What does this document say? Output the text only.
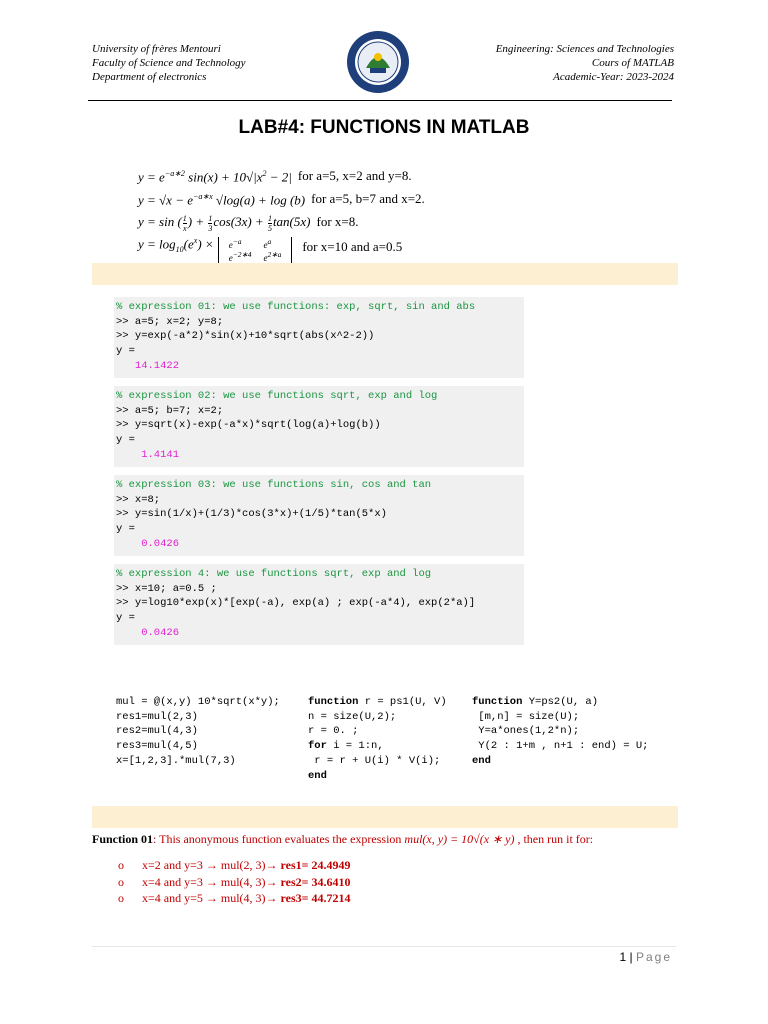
University of frères Mentouri
Faculty of Science and Technology
Department of electronics
Engineering: Sciences and Technologies
Cours of MATLAB
Academic-Year: 2023-2024
LAB#4: FUNCTIONS IN MATLAB
$y = e^{-a∗2}$ $\sin(x) + 10√|x^2 - 2|$ for a=5, x=2 and y=8.
$y = √x - e^{-a∗x}$ √log(a) + log (b) for a=5, b=7 and x=2.
y = sin ( $\frac{1}{x}$ ) + $\frac{1}{3} \cos(3x) + \frac{1}{5} \tan(5x)$ for x=8.
$y = \log_{10}(e^x) \times e^{-a}$
$e^{-2∗4}$
$e^a$
$e^{2∗a}$
for x=10 and a=0.5
% expression 01: we use functions: exp, sqrt, sin and abs
>> a=5; x=2; y=8;
>> y=exp(-a*2)*sin(x)+10*sqrt(abs(x^2-2))
y =
14.1422
% expression 02: we use functions sqrt, exp and log
>> a=5; b=7; x=2;
>> y=sqrt(x)-exp(-a*x)*sqrt(log(a)+log(b))
y =
1.4141
% expression 03: we use functions sin, cos and tan
>> x=8;
>> y=sin(1/x)+(1/3)*cos(3*x)+(1/5)*tan(5*x)
y =
0.0426
% expression 4: we use functions sqrt, exp and log
>> x=10; a=0.5 ;
>> y=log10*exp(x)*[exp(-a), exp(a) ; exp(-a*4), exp(2*a)]
y =
0.0426
mul = @(x,y) 10*sqrt(x*y);
res1=mul(2,3)
res2=mul(4,3)
res3=mul(4,5)
x=[1,2,3].*mul(7,3)
function r = ps1(U, V)
n = size(U,2);
r = 0. ;
for i = 1:n,
r = r + U(i) * V(i);
end
function Y=ps2(U, a)
[m,n] = size(U);
Y=a*ones(1,2*n);
Y(2 : 1+m , n+1 : end) = U;
end
Function 01: This anonymous function evaluates the expression mul(x, y) = 10√(x ∗ y) , then run it for:
o x=2 and y=3 → mul(2, 3)→ res1= 24.4949
o x=4 and y=3 → mul(4, 3)→ res2= 34.6410
o x=4 and y=5 → mul(4, 3)→ res3= 44.7214
1 | Page
